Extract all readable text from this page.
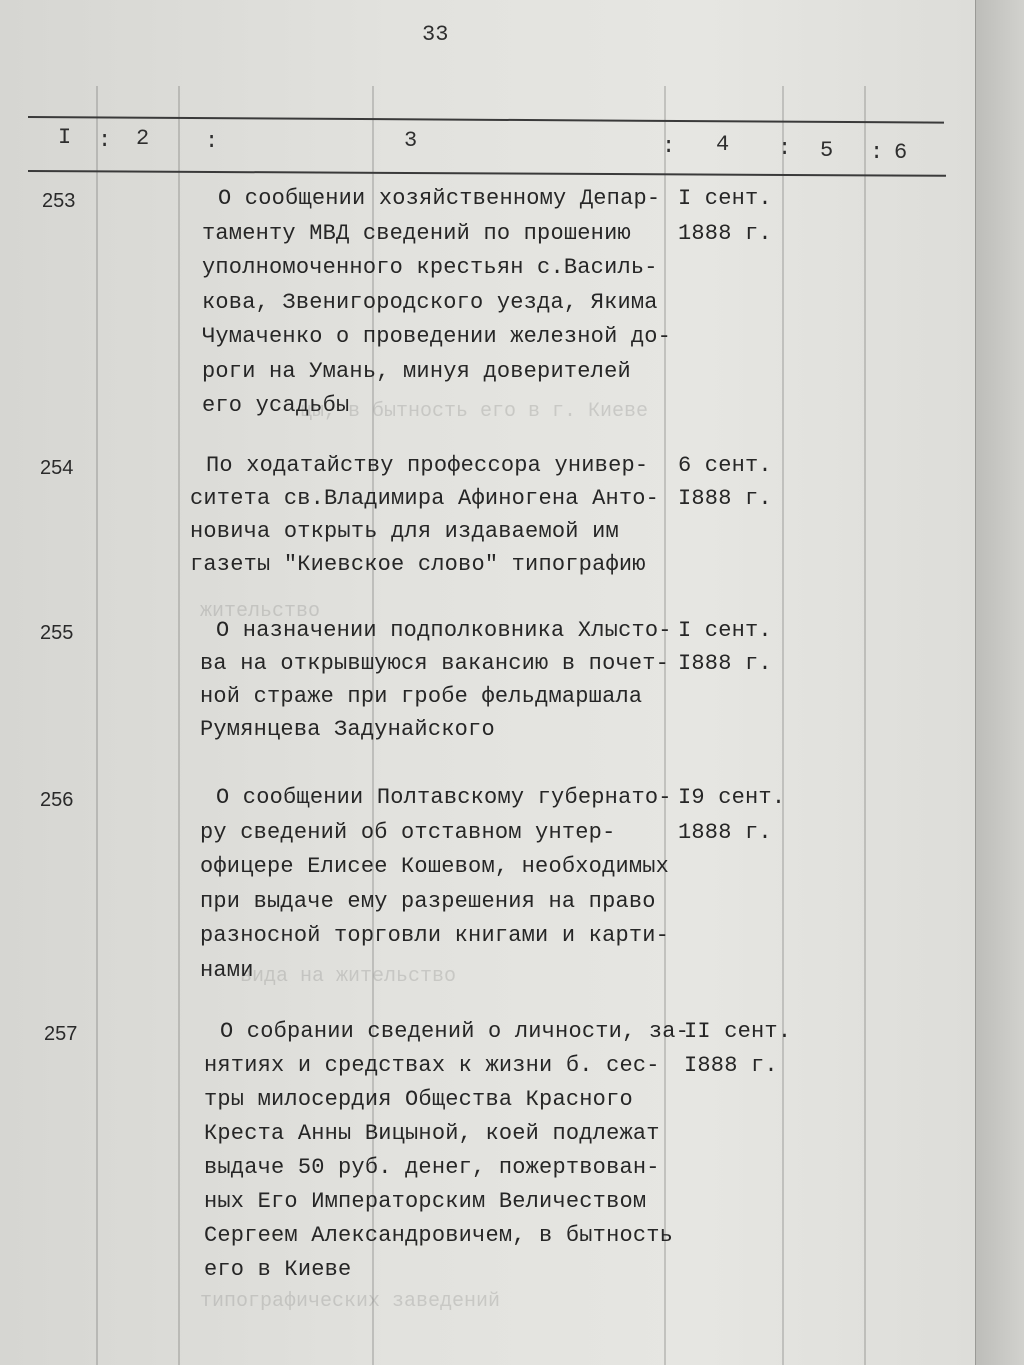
цы, в бытность его в г. Киеве
жительство
вида на жительство
типографических заведений
33
I : 2	:	3	: 4 : 5 : 6
253	О сообщении хозяйственному Депар-
таменту МВД сведений по прошению
уполномоченного крестьян с.Василь-
кова, Звенигородского уезда, Якима
Чумаченко о проведении железной до-
роги на Умань, минуя доверителей
его усадьбы
I сент.
1888 г.
254	По ходатайству профессора универ-
ситета св.Владимира Афиногена Анто-
новича открыть для издаваемой им
газеты "Киевское слово" типографию
6 сент.
I888 г.
255	О назначении подполковника Хлысто-
ва на открывшуюся вакансию в почет-
ной страже при гробе фельдмаршала
Румянцева Задунайского
I сент.
I888 г.
256	О сообщении Полтавскому губернато-
ру сведений об отставном унтер-
офицере Елисее Кошевом, необходимых
при выдаче ему разрешения на право
разносной торговли книгами и карти-
нами
I9 сент.
1888 г.
257	О собрании сведений о личности, за-
нятиях и средствах к жизни б. сес-
тры милосердия Общества Красного
Креста Анны Вицыной, коей подлежат
выдаче 50 руб. денег, пожертвован-
ных Его Императорским Величеством
Сергеем Александровичем, в бытность
его в Киеве
II сент.
I888 г.
